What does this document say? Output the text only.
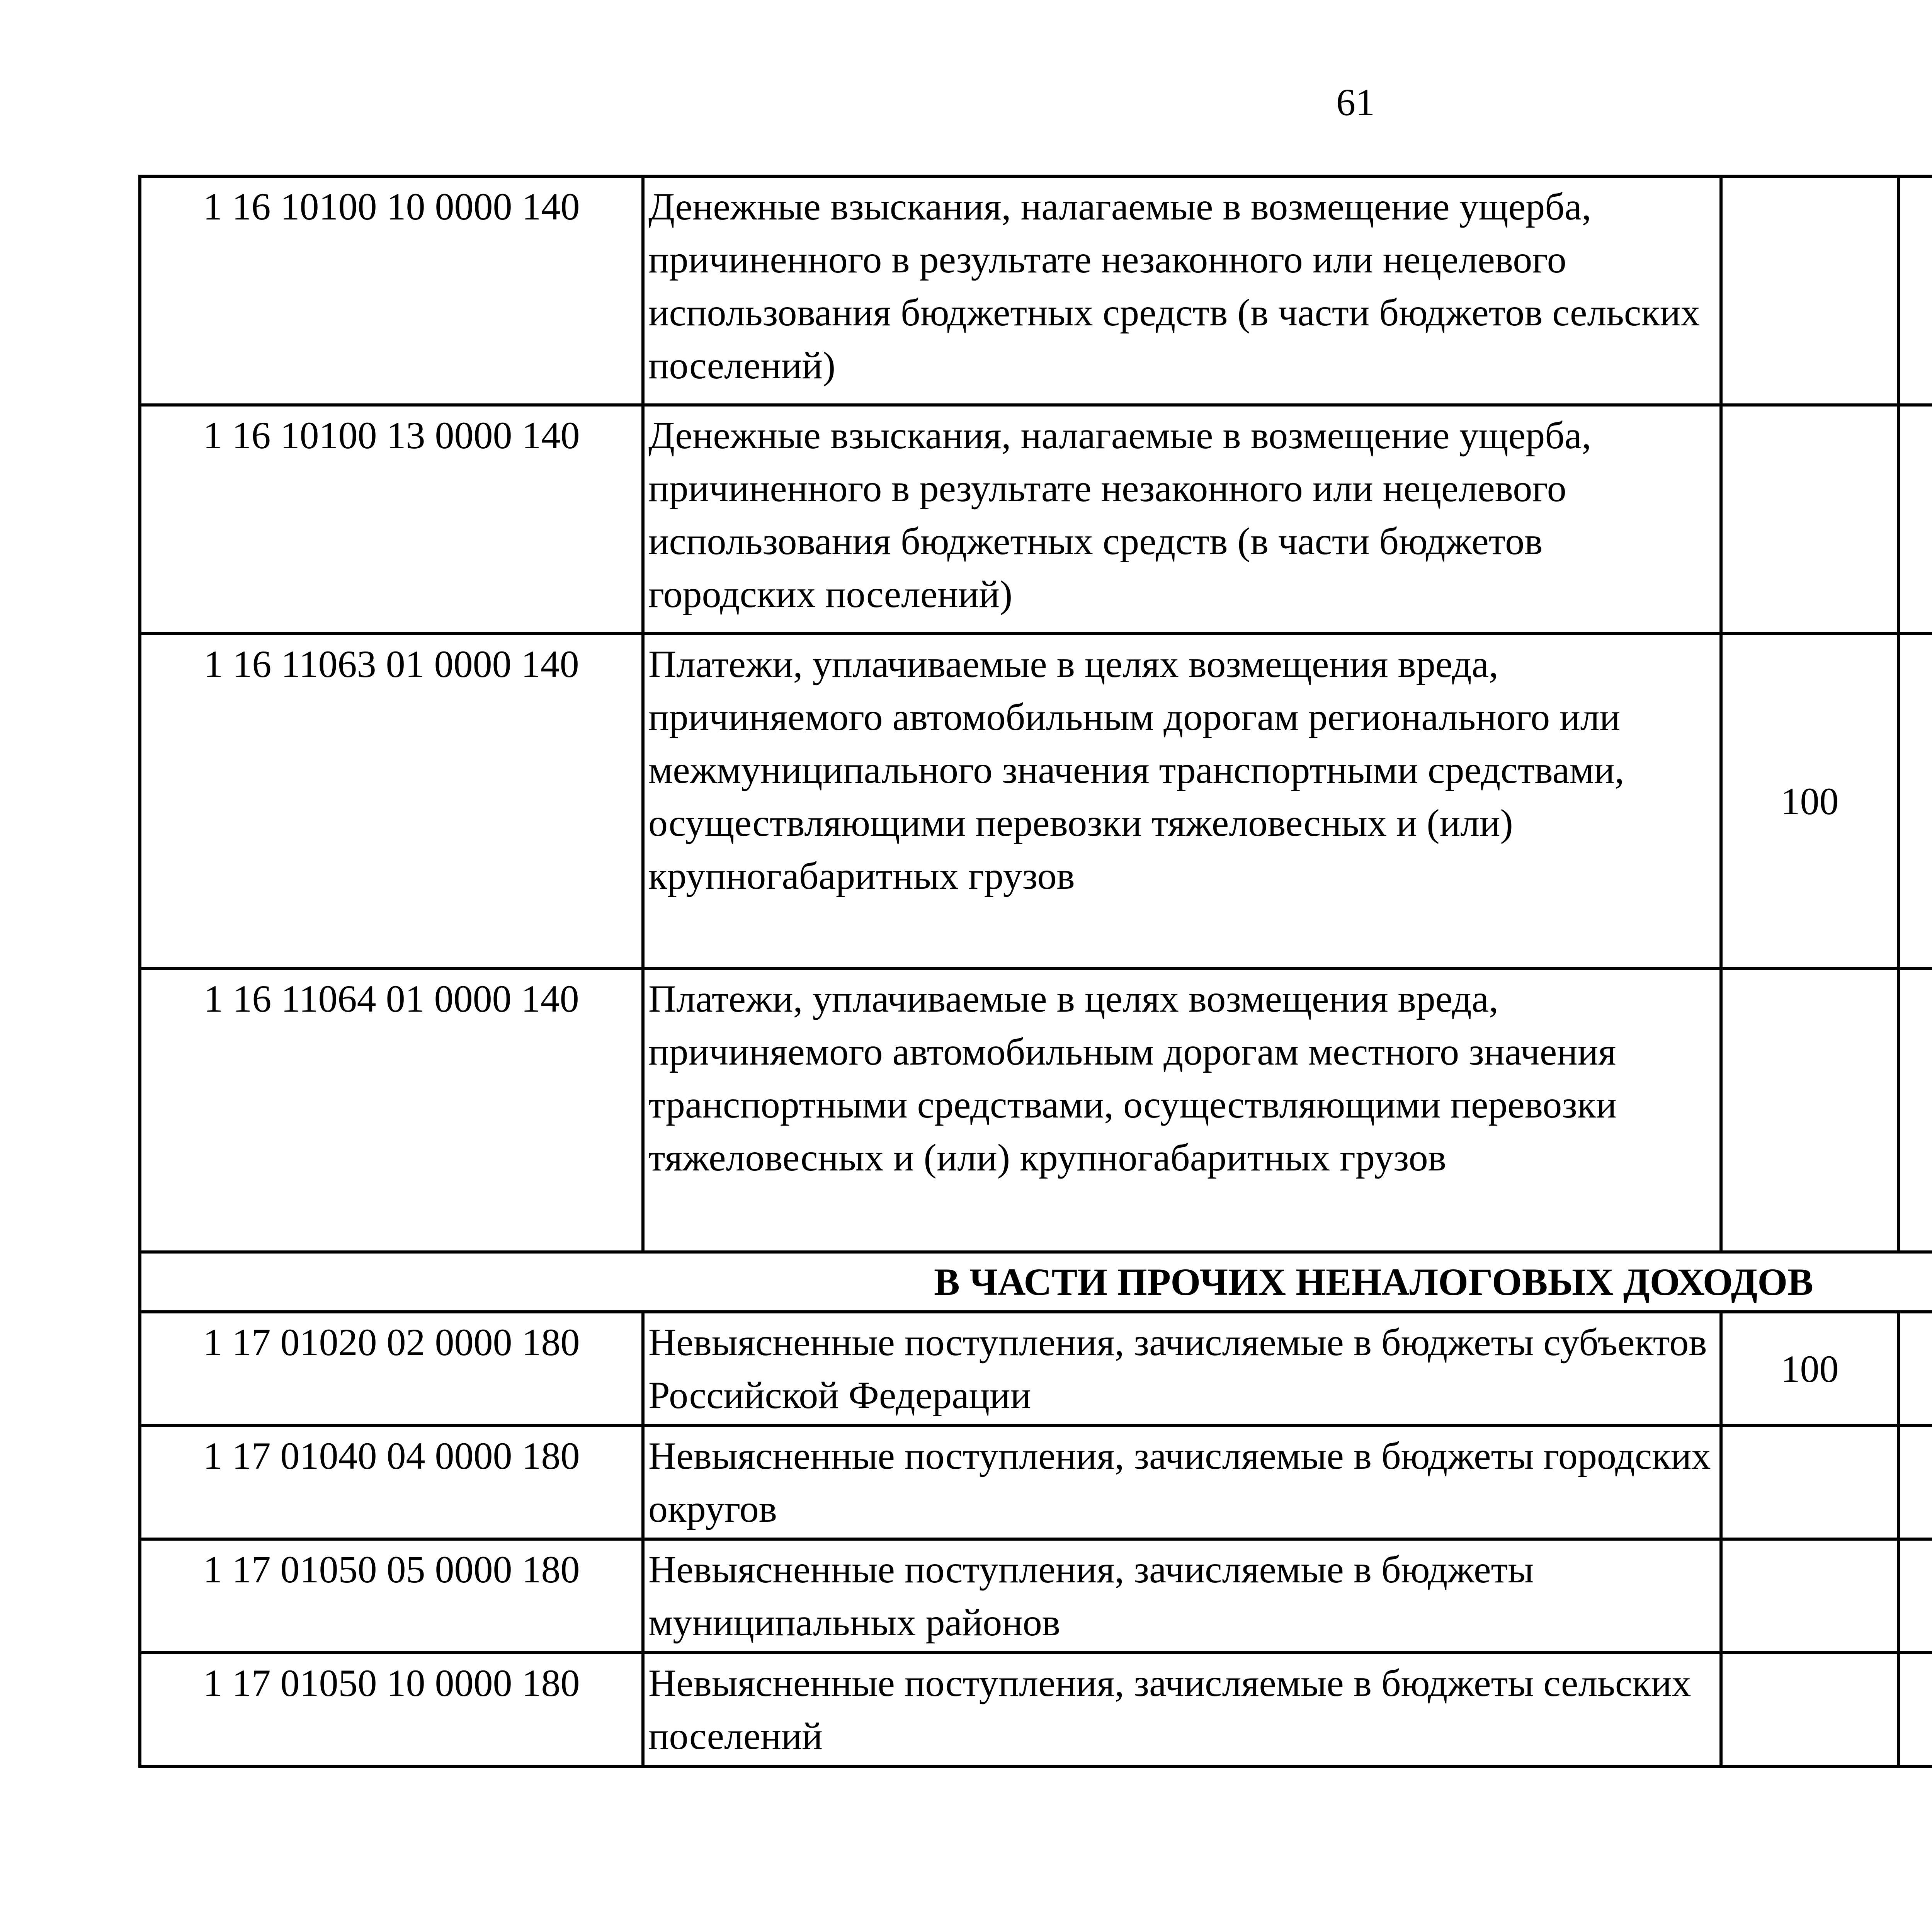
61
1 16 10100 10 0000 140	Денежные взыскания, налагаемые в возмещение ущерба, причиненного в результате незаконного или нецелевого использования бюджетных средств (в части бюджетов сельских поселений)					
1 16 10100 13 0000 140	Денежные взыскания, налагаемые в возмещение ущерба, причиненного в результате незаконного или нецелевого использования бюджетных средств (в части бюджетов городских поселений)					
1 16 11063 01 0000 140	Платежи, уплачиваемые в целях возмещения вреда, причиняемого автомобильным дорогам регионального или межмуниципального значения транспортными средствами, осуществляющими перевозки тяжеловесных и (или) крупногабаритных грузов	100				
1 16 11064 01 0000 140	Платежи, уплачиваемые в целях возмещения вреда, причиняемого автомобильным дорогам местного значения транспортными средствами, осуществляющими перевозки тяжеловесных и (или) крупногабаритных грузов					
В ЧАСТИ ПРОЧИХ НЕНАЛОГОВЫХ ДОХОДОВ						
1 17 01020 02 0000 180	Невыясненные поступления, зачисляемые в бюджеты субъектов Российской Федерации	100				
1 17 01040 04 0000 180	Невыясненные поступления, зачисляемые в бюджеты городских округов					
1 17 01050 05 0000 180	Невыясненные поступления, зачисляемые в бюджеты муниципальных районов					
1 17 01050 10 0000 180	Невыясненные поступления, зачисляемые в бюджеты сельских поселений					
